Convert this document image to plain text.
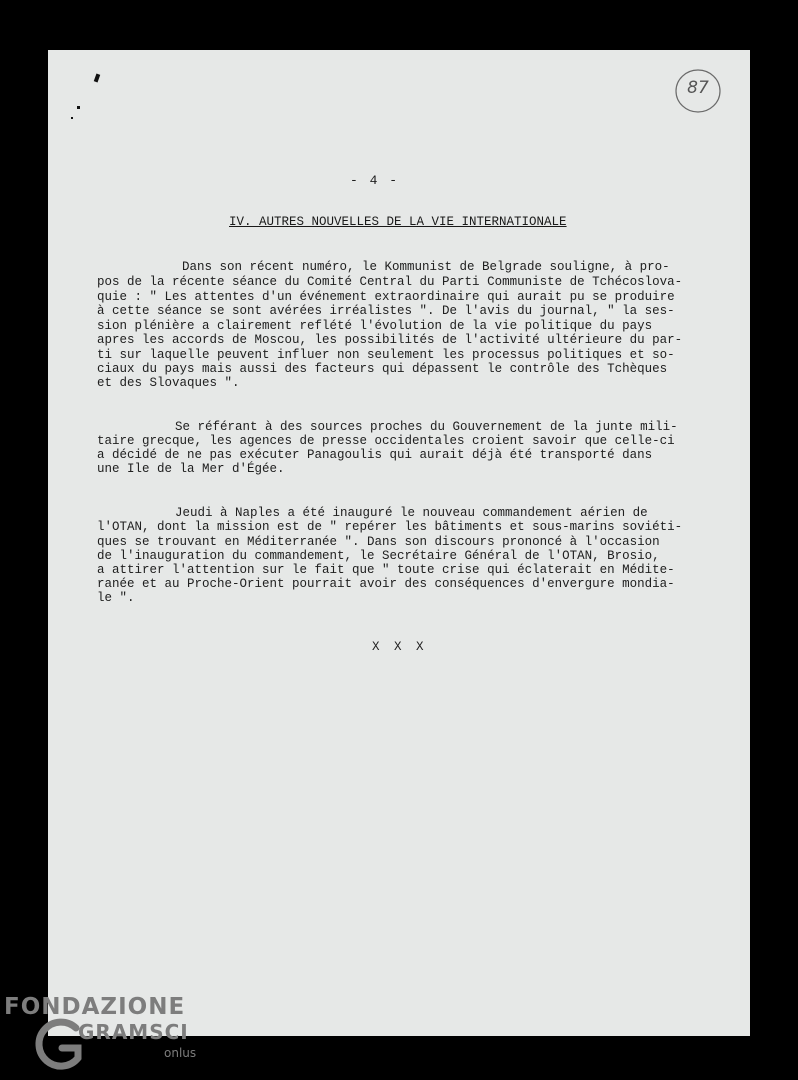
87
- 4 -
IV. AUTRES NOUVELLES DE LA VIE INTERNATIONALE
Dans son récent numéro, le Kommunist de Belgrade souligne, à pro-
pos de la récente séance du Comité Central du Parti Communiste de Tchécoslova-
quie : " Les attentes d'un événement extraordinaire qui aurait pu se produire
à cette séance se sont avérées irréalistes ". De l'avis du journal, " la ses-
sion plénière a clairement reflété l'évolution de la vie politique du pays
apres les accords de Moscou, les possibilités de l'activité ultérieure du par-
ti sur laquelle peuvent influer non seulement les processus politiques et so-
ciaux du pays mais aussi des facteurs qui dépassent le contrôle des Tchèques
et des Slovaques ".
Se référant à des sources proches du Gouvernement de la junte mili-
taire grecque, les agences de presse occidentales croient savoir que celle-ci
a décidé de ne pas exécuter Panagoulis qui aurait déjà été transporté dans
une Ile de la Mer d'Égée.
Jeudi à Naples a été inauguré le nouveau commandement aérien de
l'OTAN, dont la mission est de " repérer les bâtiments et sous-marins soviéti-
ques se trouvant en Méditerranée ". Dans son discours prononcé à l'occasion
de l'inauguration du commandement, le Secrétaire Général de l'OTAN, Brosio,
a attirer l'attention sur le fait que " toute crise qui éclaterait en Médite-
ranée et au Proche-Orient pourrait avoir des conséquences d'envergure mondia-
le ".
X X X
FONDAZIONE
GRAMSCI
onlus
